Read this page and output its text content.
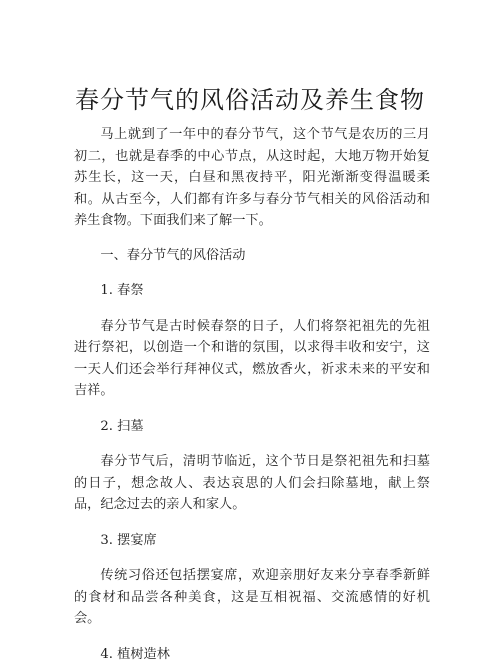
春分节气的风俗活动及养生食物

马上就到了一年中的春分节气，这个节气是农历的三月初二，也就是春季的中心节点，从这时起，大地万物开始复苏生长，这一天，白昼和黑夜持平，阳光渐渐变得温暖柔和。从古至今，人们都有许多与春分节气相关的风俗活动和养生食物。下面我们来了解一下。

一、春分节气的风俗活动

1. 春祭

春分节气是古时候春祭的日子，人们将祭祀祖先的先祖进行祭祀，以创造一个和谐的氛围，以求得丰收和安宁，这一天人们还会举行拜神仪式，燃放香火，祈求未来的平安和吉祥。

2. 扫墓

春分节气后，清明节临近，这个节日是祭祀祖先和扫墓的日子，想念故人、表达哀思的人们会扫除墓地，献上祭品，纪念过去的亲人和家人。

3. 摆宴席

传统习俗还包括摆宴席，欢迎亲朋好友来分享春季新鲜的食材和品尝各种美食，这是互相祝福、交流感情的好机会。

4. 植树造林
